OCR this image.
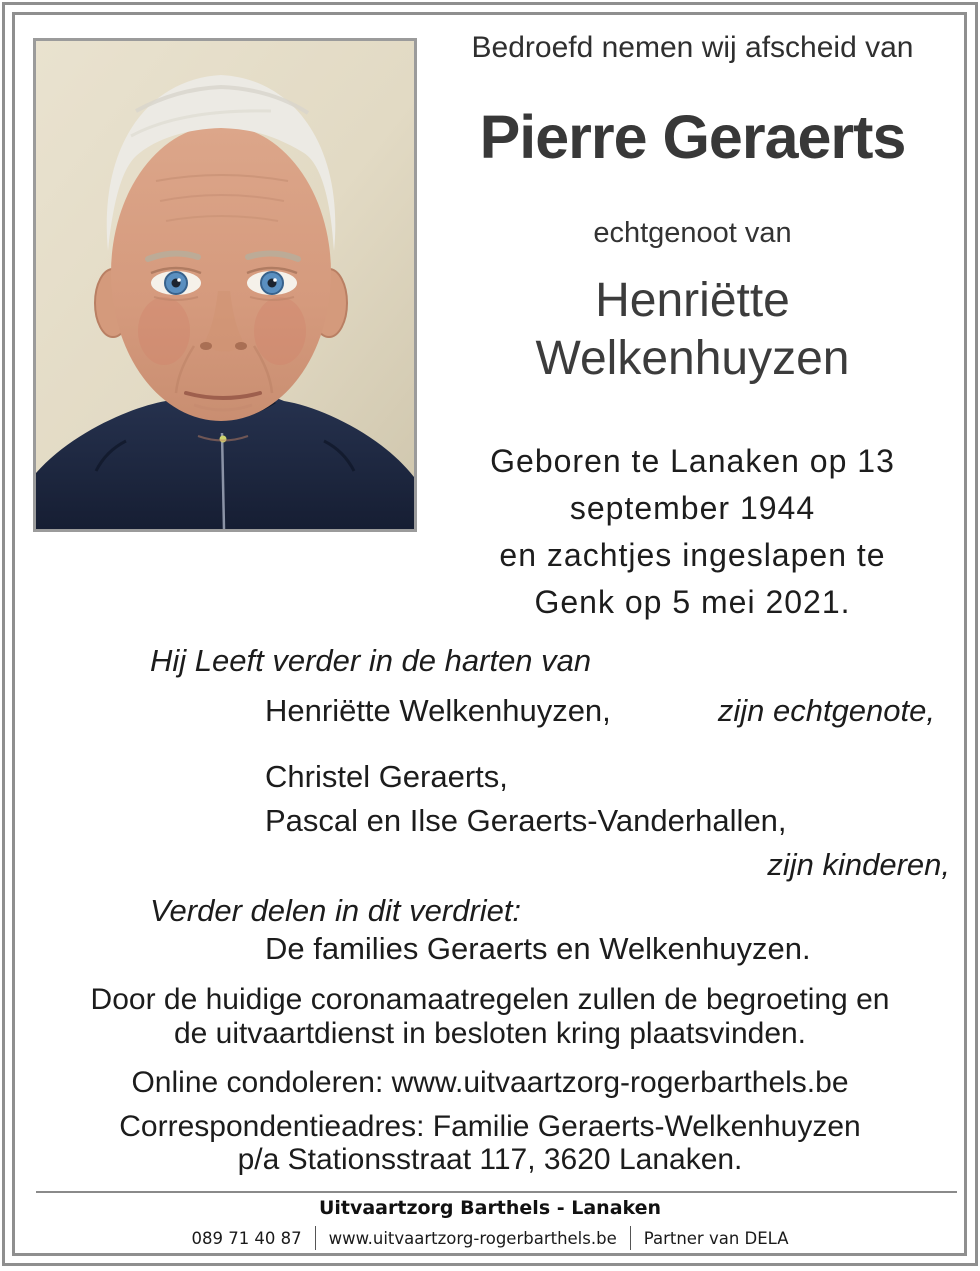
Bedroefd nemen wij afscheid van
Pierre Geraerts
echtgenoot van
Henriëtte
Welkenhuyzen
Geboren te Lanaken op 13
september 1944
en zachtjes ingeslapen te
Genk op 5 mei 2021.
Hij Leeft verder in de harten van
Henriëtte Welkenhuyzen,	zijn echtgenote,
Christel Geraerts,
Pascal en Ilse Geraerts-Vanderhallen,
zijn kinderen,
Verder delen in dit verdriet:
De families Geraerts en Welkenhuyzen.
Door de huidige coronamaatregelen zullen de begroeting en
de uitvaartdienst in besloten kring plaatsvinden.
Online condoleren: www.uitvaartzorg-rogerbarthels.be
Correspondentieadres: Familie Geraerts-Welkenhuyzen
p/a Stationsstraat 117, 3620 Lanaken.
Uitvaartzorg Barthels - Lanaken
089 71 40 87 www.uitvaartzorg-rogerbarthels.be Partner van DELA
